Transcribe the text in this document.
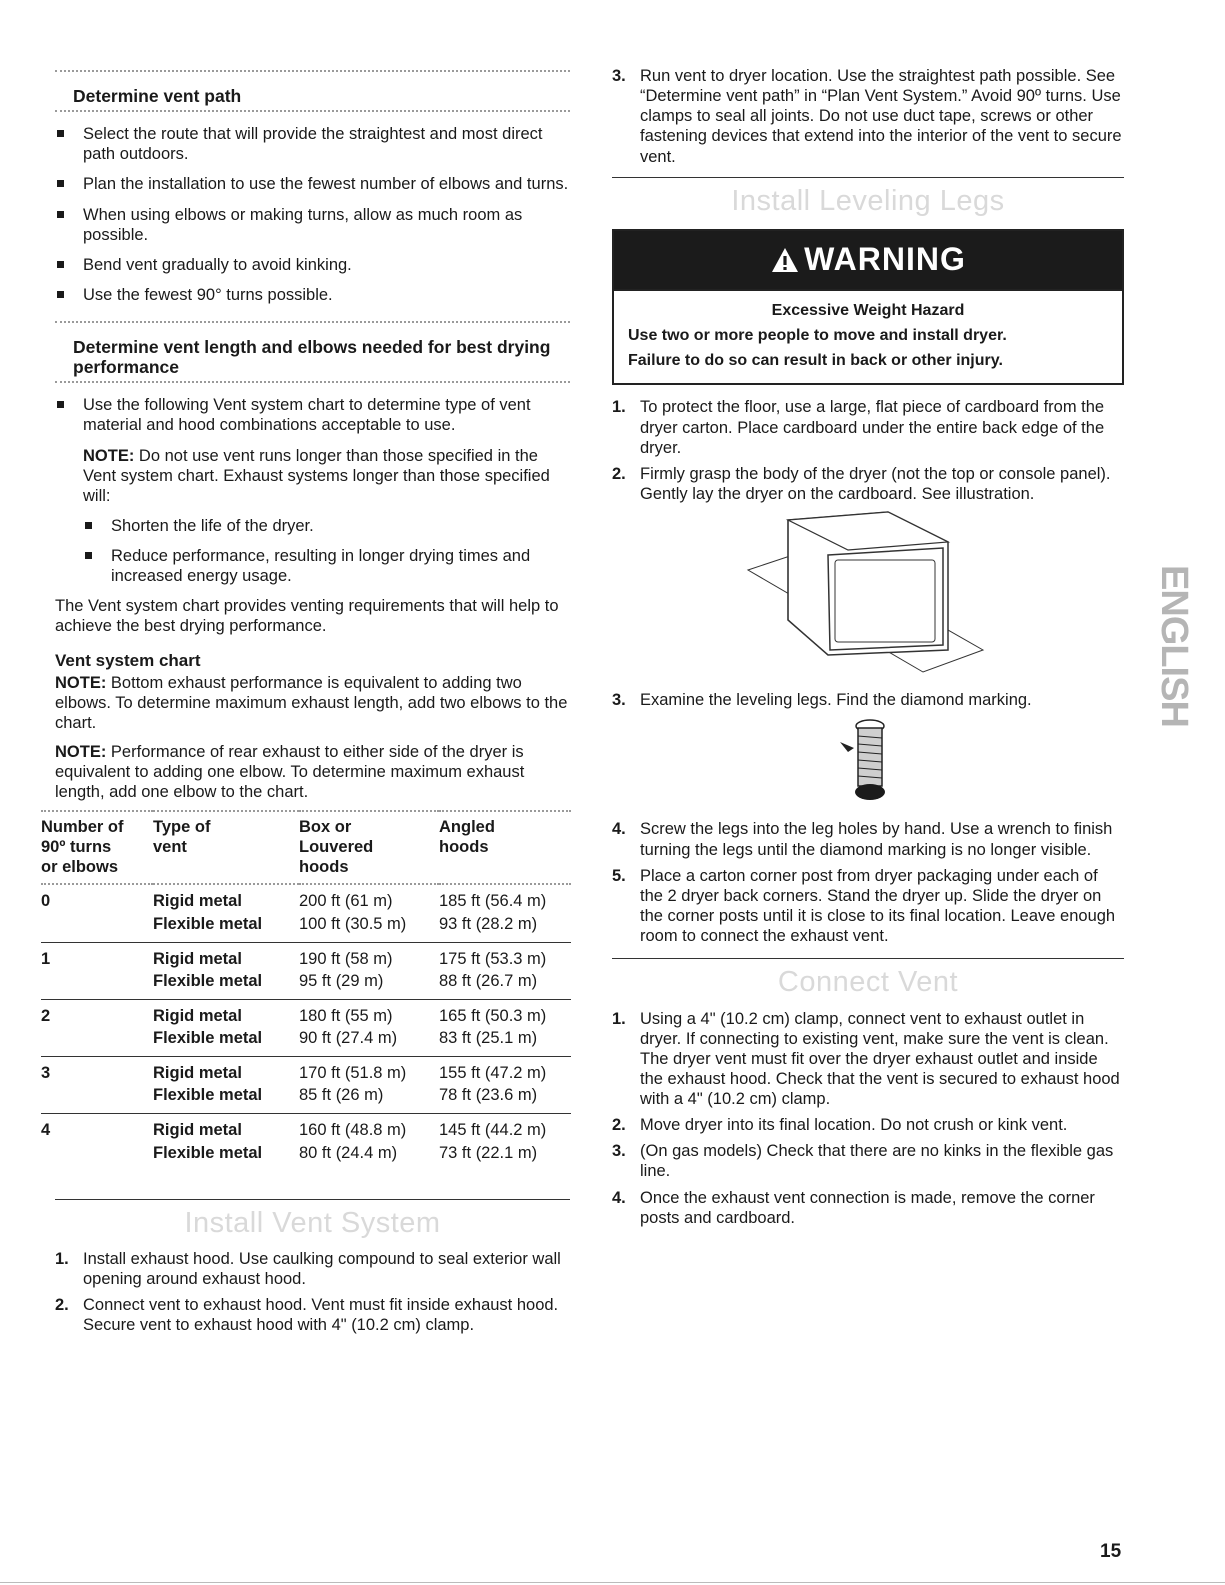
Determine vent path
Select the route that will provide the straightest and most direct path outdoors.
Plan the installation to use the fewest number of elbows and turns.
When using elbows or making turns, allow as much room as possible.
Bend vent gradually to avoid kinking.
Use the fewest 90° turns possible.
Determine vent length and elbows needed for best drying performance
Use the following Vent system chart to determine type of vent material and hood combinations acceptable to use.

NOTE: Do not use vent runs longer than those specified in the Vent system chart. Exhaust systems longer than those specified will:

Shorten the life of the dryer.
Reduce performance, resulting in longer drying times and increased energy usage.

The Vent system chart provides venting requirements that will help to achieve the best drying performance.

Vent system chart

NOTE: Bottom exhaust performance is equivalent to adding two elbows. To determine maximum exhaust length, add two elbows to the chart.

NOTE: Performance of rear exhaust to either side of the dryer is equivalent to adding one elbow. To determine maximum exhaust length, add one elbow to the chart.

Number of
90º turns
or elbows	Type of
vent	Box or
Louvered
hoods	Angled
hoods
0	Rigid metal	200 ft (61 m)	185 ft (56.4 m)
	Flexible metal	100 ft (30.5 m)	93 ft (28.2 m)
1	Rigid metal	190 ft (58 m)	175 ft (53.3 m)
	Flexible metal	95 ft (29 m)	88 ft (26.7 m)
2	Rigid metal	180 ft (55 m)	165 ft (50.3 m)
	Flexible metal	90 ft (27.4 m)	83 ft (25.1 m)
3	Rigid metal	170 ft (51.8 m)	155 ft (47.2 m)
	Flexible metal	85 ft (26 m)	78 ft (23.6 m)
4	Rigid metal	160 ft (48.8 m)	145 ft (44.2 m)
	Flexible metal	80 ft (24.4 m)	73 ft (22.1 m)
Install Vent System
1. Install exhaust hood. Use caulking compound to seal exterior wall opening around exhaust hood.
2. Connect vent to exhaust hood. Vent must fit inside exhaust hood. Secure vent to exhaust hood with 4" (10.2 cm) clamp.
3. Run vent to dryer location. Use the straightest path possible. See “Determine vent path” in “Plan Vent System.” Avoid 90º turns. Use clamps to seal all joints. Do not use duct tape, screws or other fastening devices that extend into the interior of the vent to secure vent.
Install Leveling Legs
WARNING
Excessive Weight Hazard
Use two or more people to move and install dryer.
Failure to do so can result in back or other injury.
1. To protect the floor, use a large, flat piece of cardboard from the dryer carton. Place cardboard under the entire back edge of the dryer.
2. Firmly grasp the body of the dryer (not the top or console panel). Gently lay the dryer on the cardboard. See illustration.
3. Examine the leveling legs. Find the diamond marking.
4. Screw the legs into the leg holes by hand. Use a wrench to finish turning the legs until the diamond marking is no longer visible.
5. Place a carton corner post from dryer packaging under each of the 2 dryer back corners. Stand the dryer up. Slide the dryer on the corner posts until it is close to its final location. Leave enough room to connect the exhaust vent.
Connect Vent
1. Using a 4" (10.2 cm) clamp, connect vent to exhaust outlet in dryer. If connecting to existing vent, make sure the vent is clean. The dryer vent must fit over the dryer exhaust outlet and inside the exhaust hood. Check that the vent is secured to exhaust hood with a 4" (10.2 cm) clamp.
2. Move dryer into its final location. Do not crush or kink vent.
3. (On gas models) Check that there are no kinks in the flexible gas line.
4. Once the exhaust vent connection is made, remove the corner posts and cardboard.
ENGLISH
15
